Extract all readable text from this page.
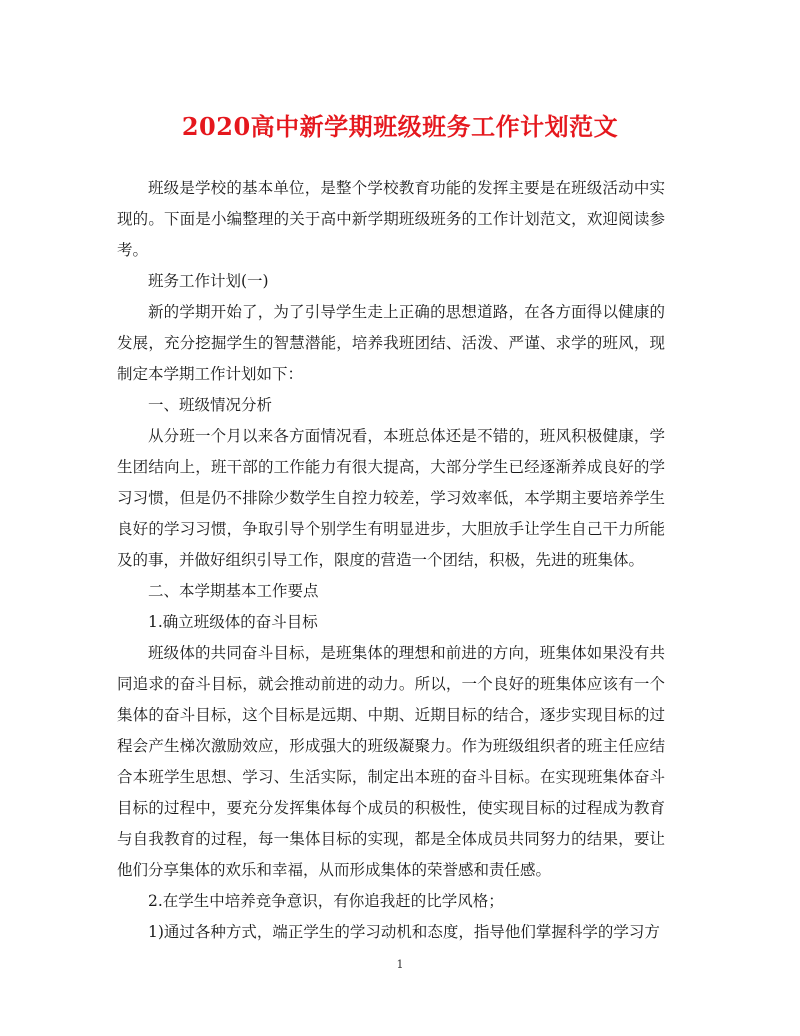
2020高中新学期班级班务工作计划范文

班级是学校的基本单位，是整个学校教育功能的发挥主要是在班级活动中实现的。下面是小编整理的关于高中新学期班级班务的工作计划范文，欢迎阅读参考。

班务工作计划(一)

新的学期开始了，为了引导学生走上正确的思想道路，在各方面得以健康的发展，充分挖掘学生的智慧潜能，培养我班团结、活泼、严谨、求学的班风，现制定本学期工作计划如下：

一、班级情况分析

从分班一个月以来各方面情况看，本班总体还是不错的，班风积极健康，学生团结向上，班干部的工作能力有很大提高，大部分学生已经逐渐养成良好的学习习惯，但是仍不排除少数学生自控力较差，学习效率低，本学期主要培养学生良好的学习习惯，争取引导个别学生有明显进步，大胆放手让学生自己干力所能及的事，并做好组织引导工作，限度的营造一个团结，积极，先进的班集体。

二、本学期基本工作要点

1.确立班级体的奋斗目标

班级体的共同奋斗目标，是班集体的理想和前进的方向，班集体如果没有共同追求的奋斗目标，就会推动前进的动力。所以，一个良好的班集体应该有一个集体的奋斗目标，这个目标是远期、中期、近期目标的结合，逐步实现目标的过程会产生梯次激励效应，形成强大的班级凝聚力。作为班级组织者的班主任应结合本班学生思想、学习、生活实际，制定出本班的奋斗目标。在实现班集体奋斗目标的过程中，要充分发挥集体每个成员的积极性，使实现目标的过程成为教育与自我教育的过程，每一集体目标的实现，都是全体成员共同努力的结果，要让他们分享集体的欢乐和幸福，从而形成集体的荣誉感和责任感。

2.在学生中培养竞争意识，有你追我赶的比学风格；

1)通过各种方式，端正学生的学习动机和态度，指导他们掌握科学的学习方

1
